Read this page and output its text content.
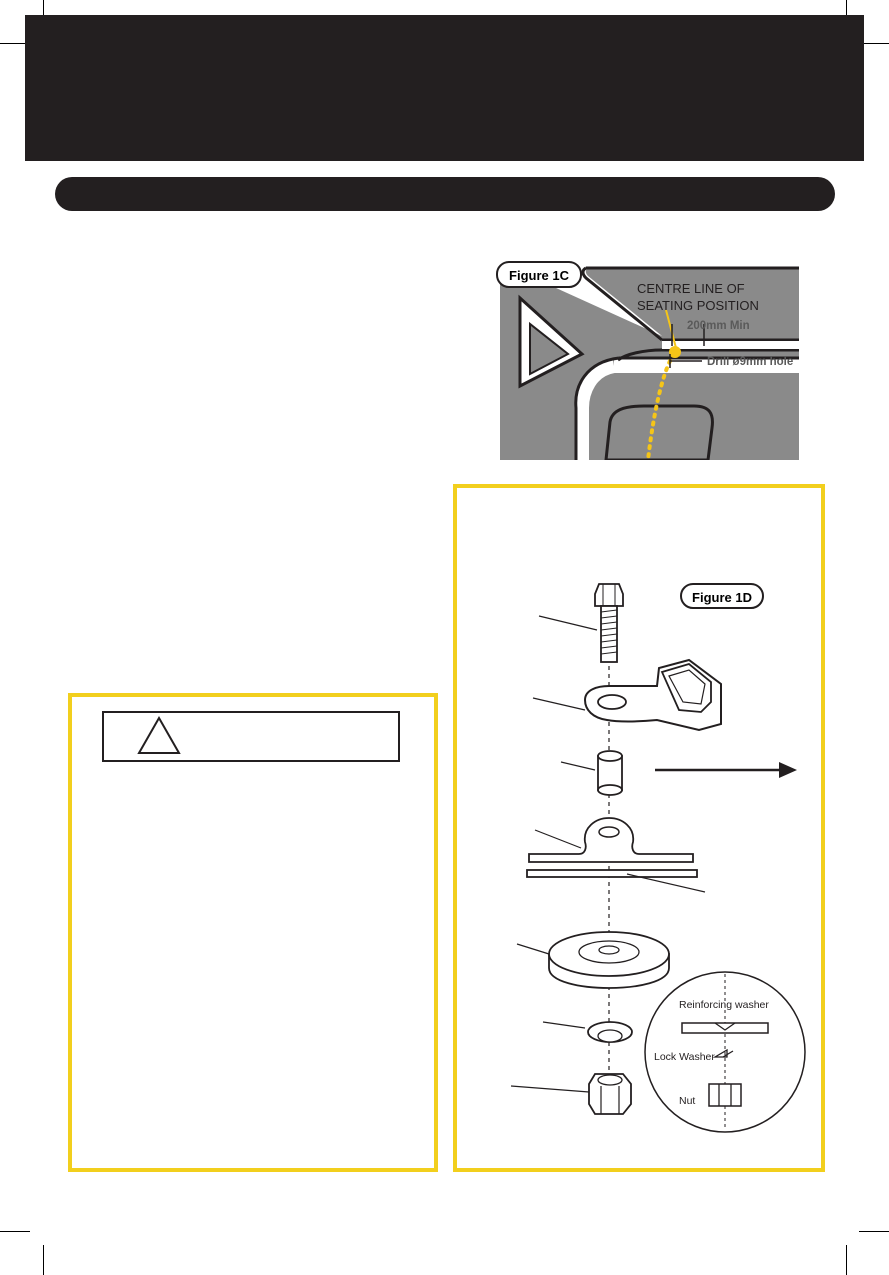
Figure 1C
CENTRE LINE OF
SEATING POSITION
200mm Min
Drill ø9mm hole
Figure 1D
Reinforcing washer
Lock Washer
Nut
